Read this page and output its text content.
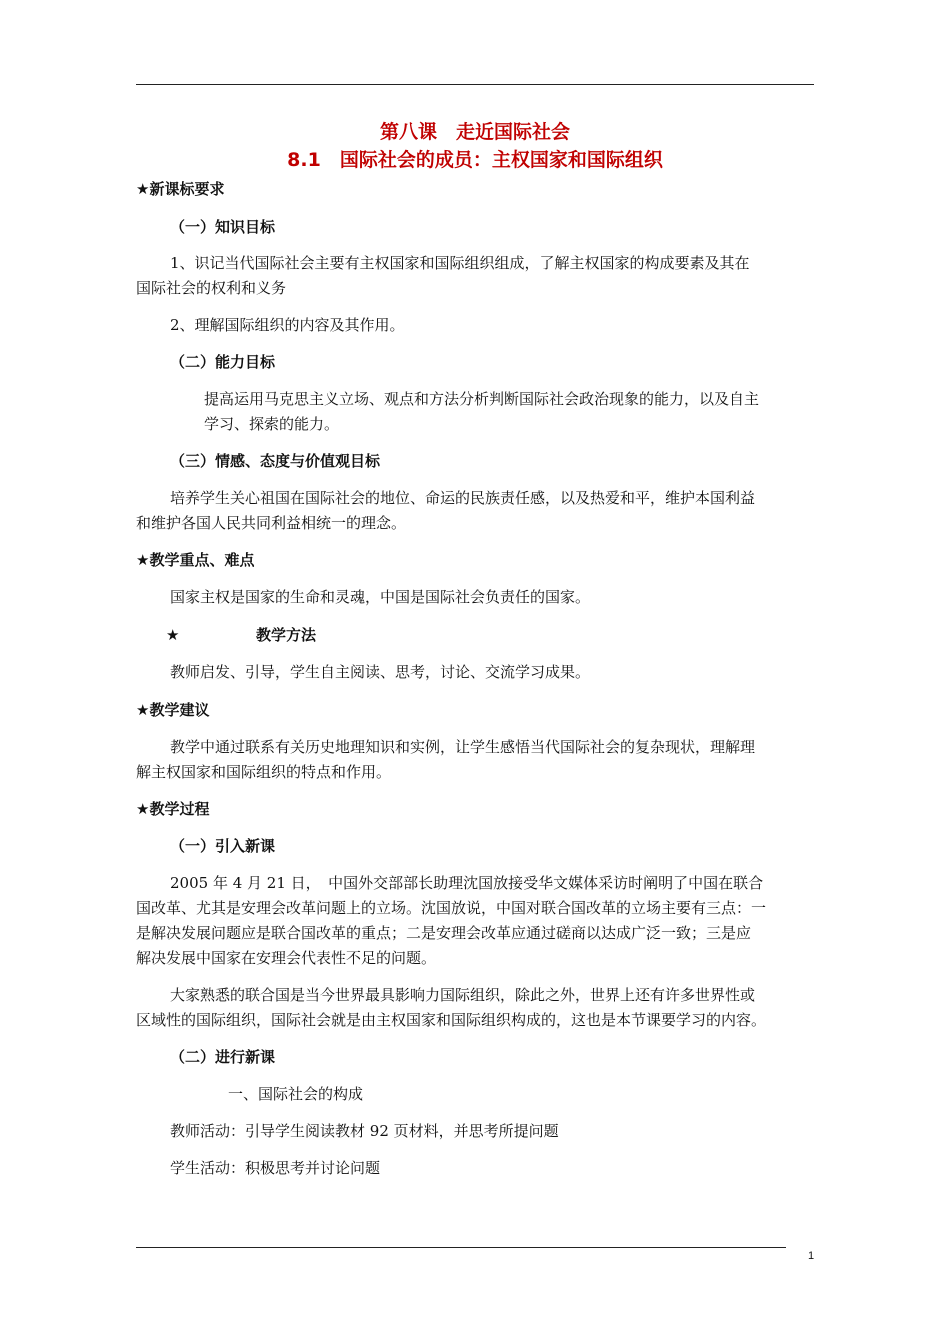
第八课　走近国际社会
8.1　国际社会的成员：主权国家和国际组织
★新课标要求
（一）知识目标
1、识记当代国际社会主要有主权国家和国际组织组成，了解主权国家的构成要素及其在
国际社会的权利和义务
2、理解国际组织的内容及其作用。
（二）能力目标
提高运用马克思主义立场、观点和方法分析判断国际社会政治现象的能力，以及自主
学习、探索的能力。
（三）情感、态度与价值观目标
培养学生关心祖国在国际社会的地位、命运的民族责任感，以及热爱和平，维护本国利益
和维护各国人民共同利益相统一的理念。
★教学重点、难点
国家主权是国家的生命和灵魂，中国是国际社会负责任的国家。
★	教学方法
教师启发、引导，学生自主阅读、思考，讨论、交流学习成果。
★教学建议
教学中通过联系有关历史地理知识和实例，让学生感悟当代国际社会的复杂现状，理解理
解主权国家和国际组织的特点和作用。
★教学过程
（一）引入新课
2005 年 4 月 21 日，　中国外交部部长助理沈国放接受华文媒体采访时阐明了中国在联合
国改革、尤其是安理会改革问题上的立场。沈国放说，中国对联合国改革的立场主要有三点：一
是解决发展问题应是联合国改革的重点；二是安理会改革应通过磋商以达成广泛一致；三是应
解决发展中国家在安理会代表性不足的问题。
大家熟悉的联合国是当今世界最具影响力国际组织，除此之外，世界上还有许多世界性或
区域性的国际组织，国际社会就是由主权国家和国际组织构成的，这也是本节课要学习的内容。
（二）进行新课
一、国际社会的构成
教师活动：引导学生阅读教材 92 页材料，并思考所提问题
学生活动：积极思考并讨论问题
1
